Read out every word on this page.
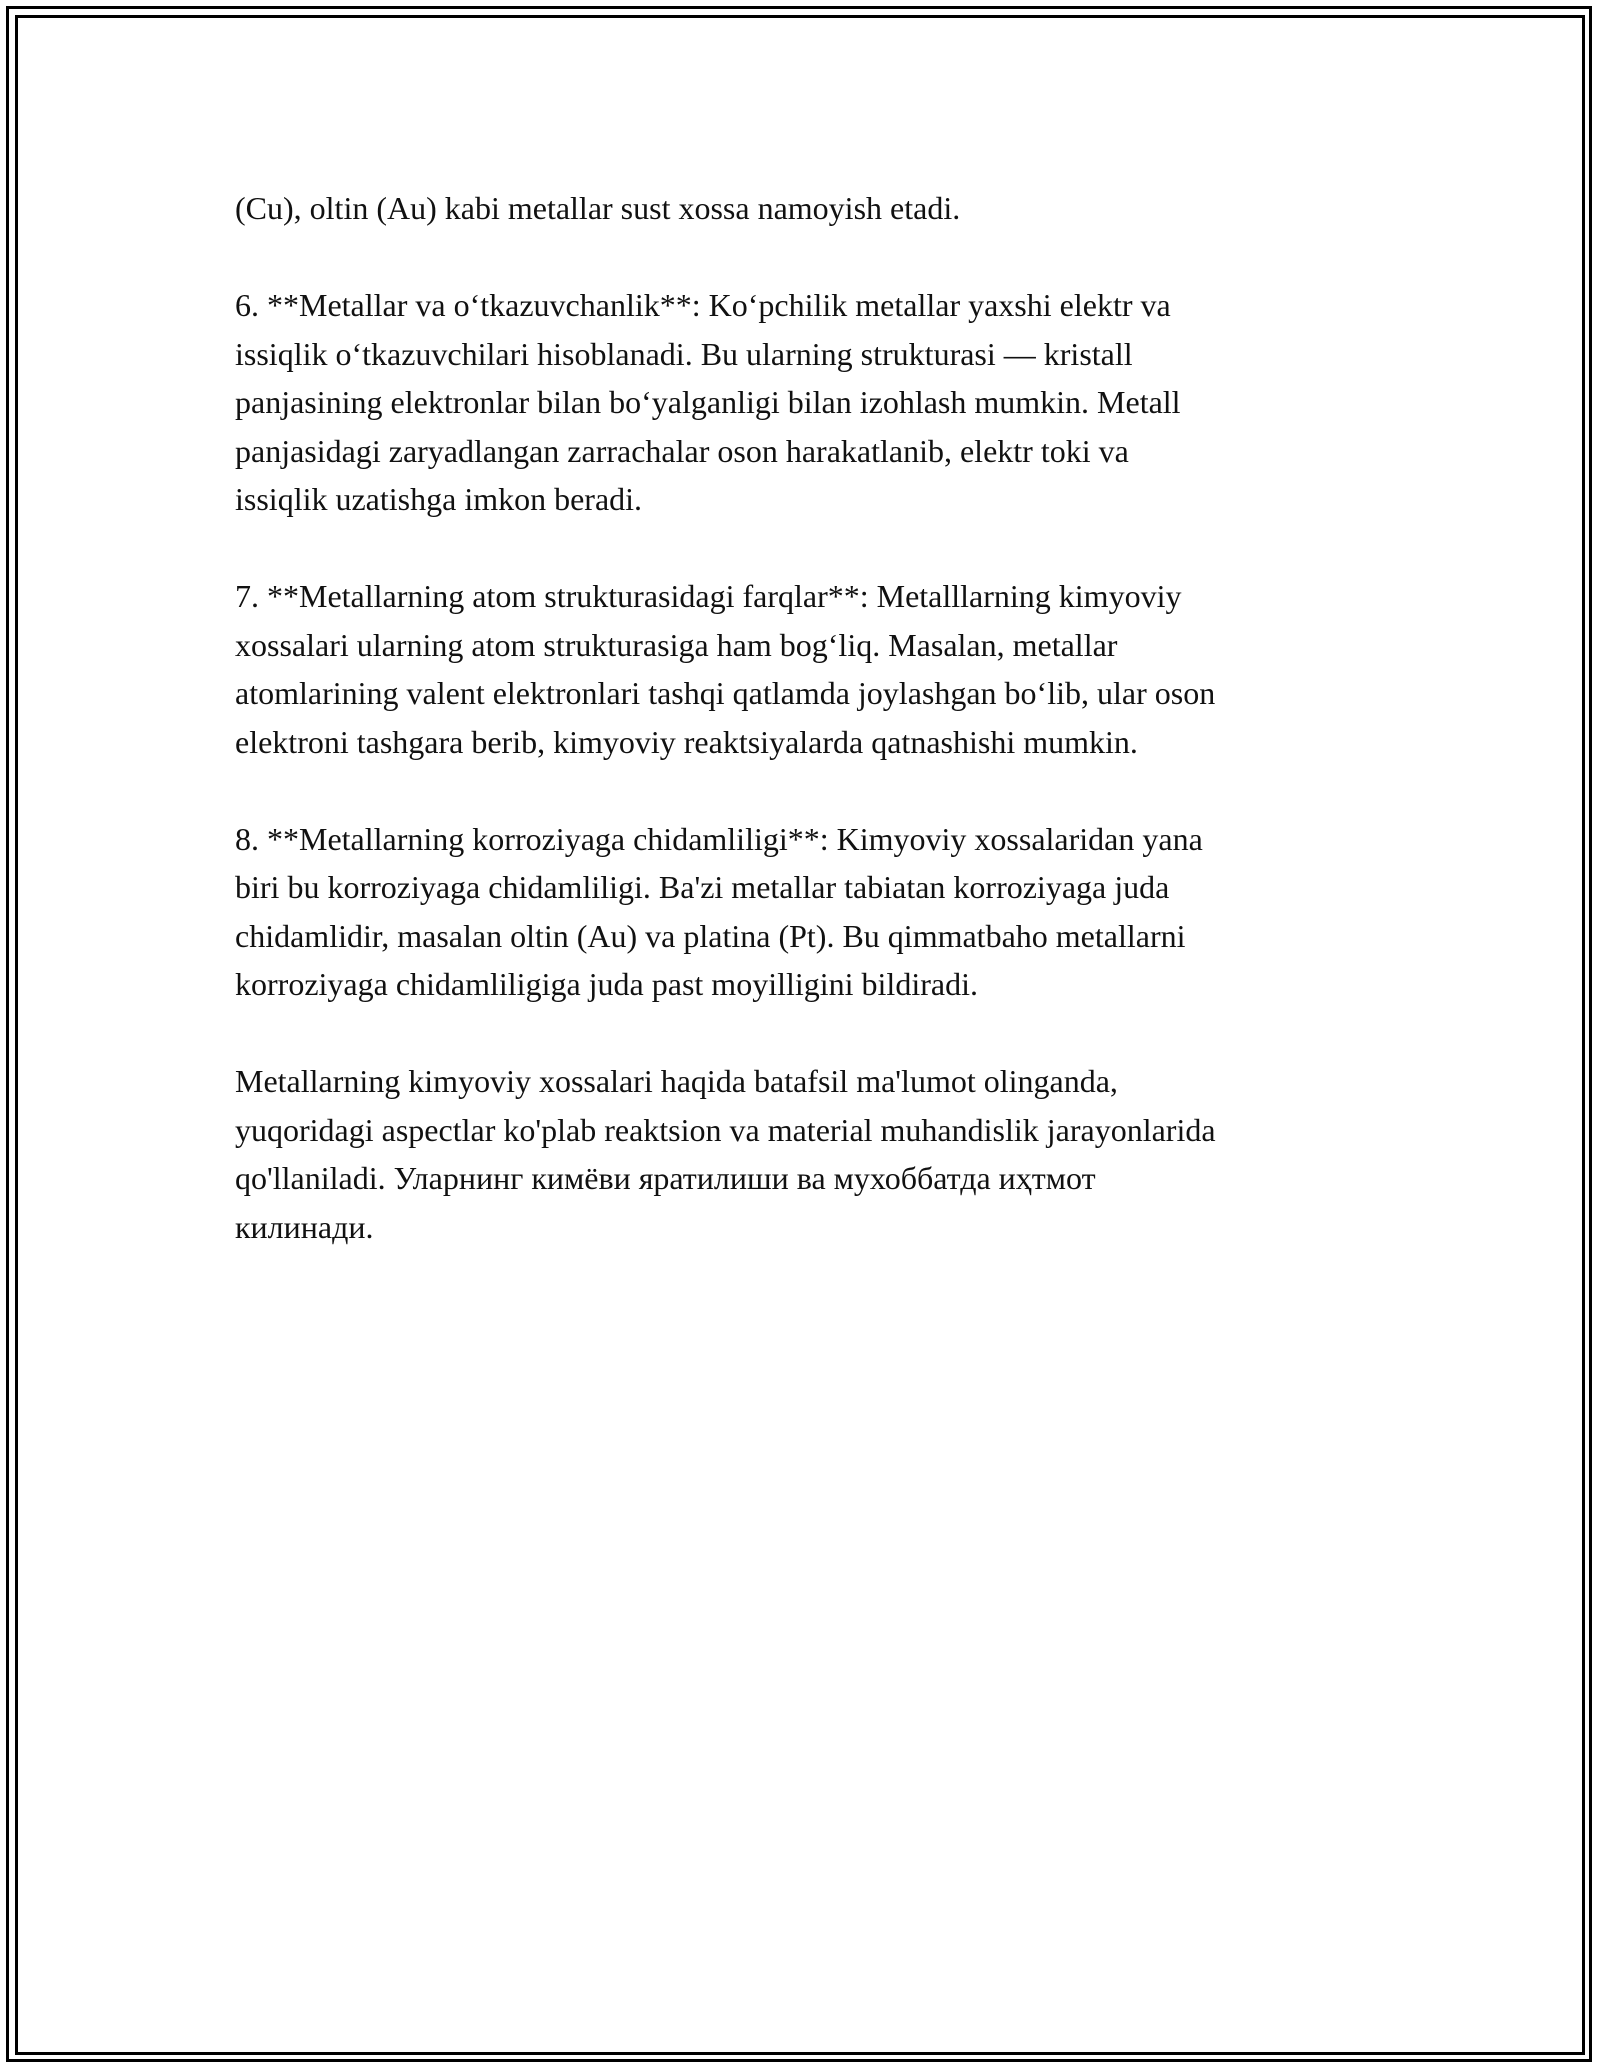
(Cu), oltin (Au) kabi metallar sust xossa namoyish etadi.

6. **Metallar va o‘tkazuvchanlik**: Ko‘pchilik metallar yaxshi elektr va
issiqlik o‘tkazuvchilari hisoblanadi. Bu ularning strukturasi — kristall
panjasining elektronlar bilan bo‘yalganligi bilan izohlash mumkin. Metall
panjasidagi zaryadlangan zarrachalar oson harakatlanib, elektr toki va
issiqlik uzatishga imkon beradi.

7. **Metallarning atom strukturasidagi farqlar**: Metalllarning kimyoviy
xossalari ularning atom strukturasiga ham bog‘liq. Masalan, metallar
atomlarining valent elektronlari tashqi qatlamda joylashgan bo‘lib, ular oson
elektroni tashgara berib, kimyoviy reaktsiyalarda qatnashishi mumkin.

8. **Metallarning korroziyaga chidamliligi**: Kimyoviy xossalaridan yana
biri bu korroziyaga chidamliligi. Ba'zi metallar tabiatan korroziyaga juda
chidamlidir, masalan oltin (Au) va platina (Pt). Bu qimmatbaho metallarni
korroziyaga chidamliligiga juda past moyilligini bildiradi.

Metallarning kimyoviy xossalari haqida batafsil ma'lumot olinganda,
yuqoridagi aspectlar ko'plab reaktsion va material muhandislik jarayonlarida
qo'llaniladi. Уларнинг кимёви яратилиши ва мухоббатда иҳтмот
килинади.
